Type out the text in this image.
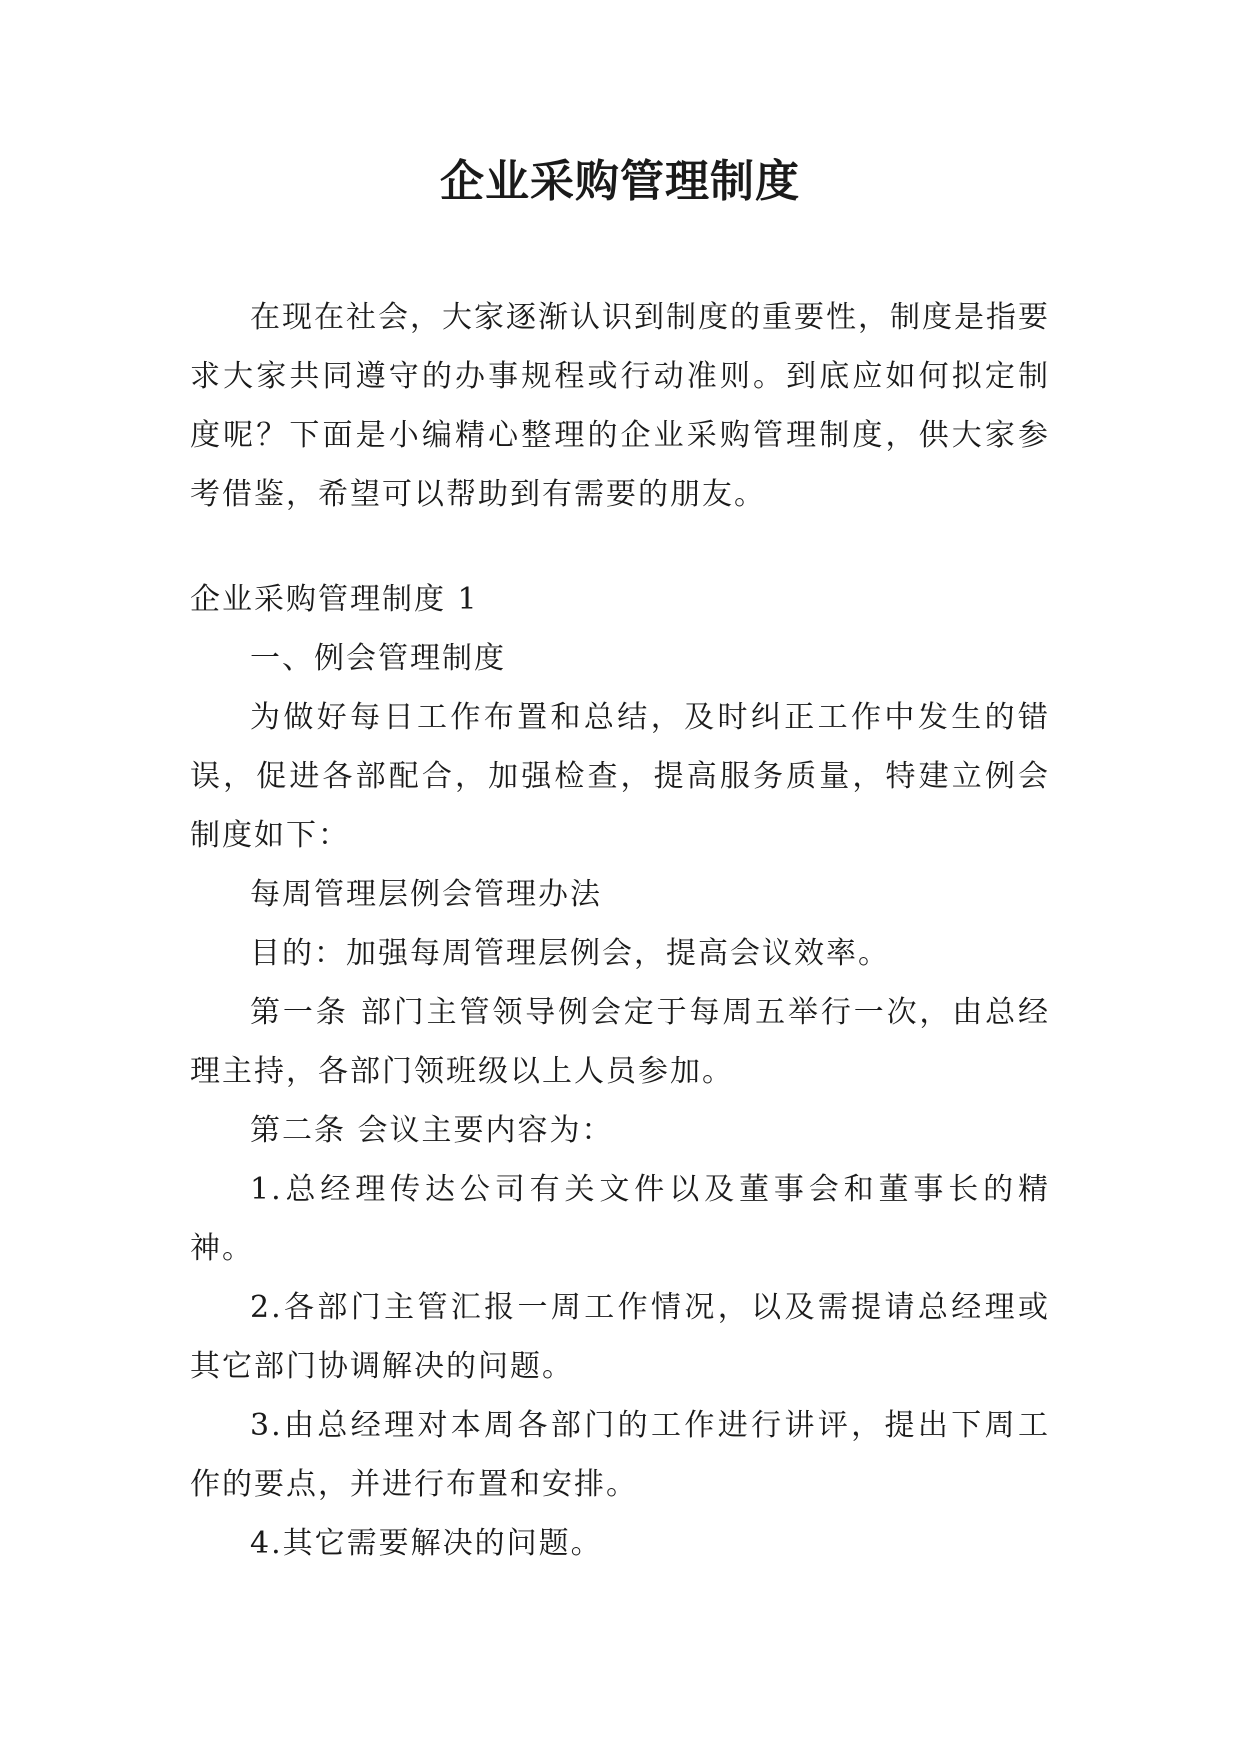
企业采购管理制度

在现在社会，大家逐渐认识到制度的重要性，制度是指要求大家共同遵守的办事规程或行动准则。到底应如何拟定制度呢？下面是小编精心整理的企业采购管理制度，供大家参考借鉴，希望可以帮助到有需要的朋友。

企业采购管理制度 1

一、例会管理制度

为做好每日工作布置和总结，及时纠正工作中发生的错误，促进各部配合，加强检查，提高服务质量，特建立例会制度如下：

每周管理层例会管理办法

目的：加强每周管理层例会，提高会议效率。

第一条 部门主管领导例会定于每周五举行一次，由总经理主持，各部门领班级以上人员参加。

第二条 会议主要内容为：

1.总经理传达公司有关文件以及董事会和董事长的精神。

2.各部门主管汇报一周工作情况，以及需提请总经理或其它部门协调解决的问题。

3.由总经理对本周各部门的工作进行讲评，提出下周工作的要点，并进行布置和安排。

4.其它需要解决的问题。
